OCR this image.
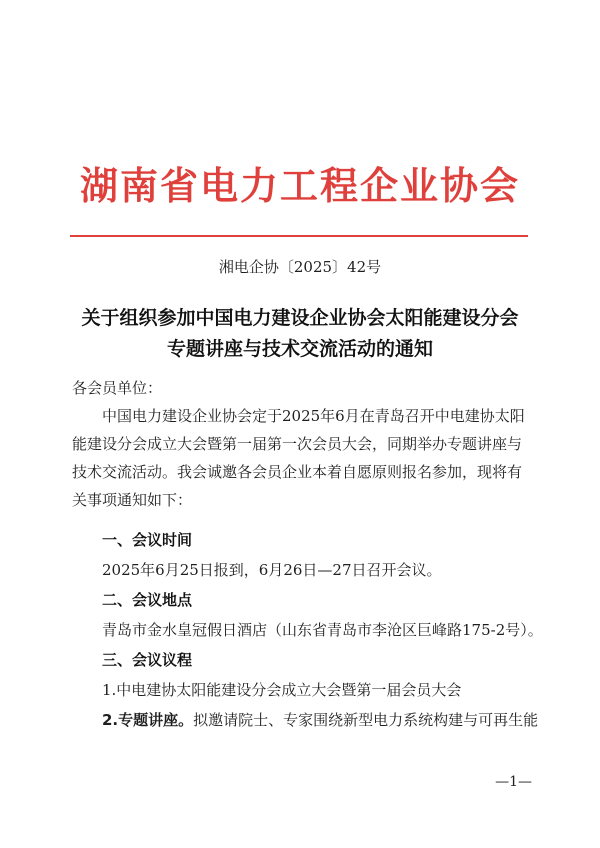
湖南省电力工程企业协会
湘电企协〔2025〕42号
关于组织参加中国电力建设企业协会太阳能建设分会
专题讲座与技术交流活动的通知
各会员单位：
中国电力建设企业协会定于2025年6月在青岛召开中电建协太阳能建设分会成立大会暨第一届第一次会员大会，同期举办专题讲座与技术交流活动。我会诚邀各会员企业本着自愿原则报名参加，现将有关事项通知如下：
一、会议时间
2025年6月25日报到，6月26日—27日召开会议。
二、会议地点
青岛市金水皇冠假日酒店（山东省青岛市李沧区巨峰路175-2号）。
三、会议议程
1.中电建协太阳能建设分会成立大会暨第一届会员大会
2.专题讲座。拟邀请院士、专家围绕新型电力系统构建与可再生能
—1—
